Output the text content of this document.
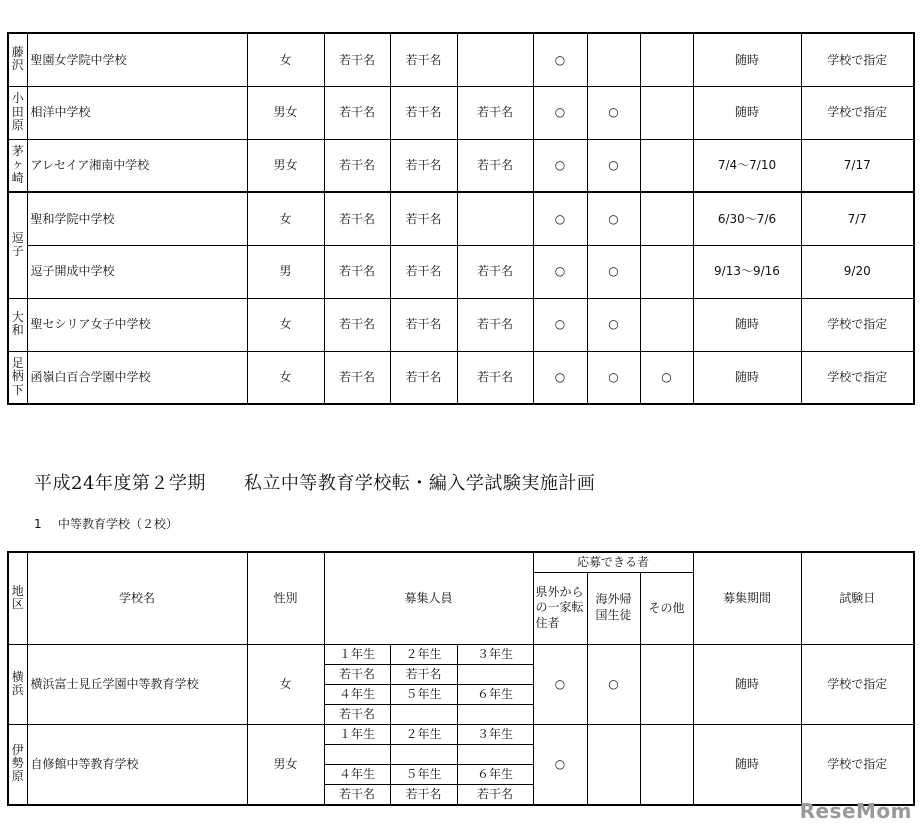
藤沢	聖園女学院中学校	女	若干名	若干名		○			随時	学校で指定
小田原	相洋中学校	男女	若干名	若干名	若干名	○	○		随時	学校で指定
茅ヶ崎	アレセイア湘南中学校	男女	若干名	若干名	若干名	○	○		7/4～7/10	7/17
逗子	聖和学院中学校	女	若干名	若干名		○	○		6/30～7/6	7/7
	逗子開成中学校	男	若干名	若干名	若干名	○	○		9/13～9/16	9/20
大和	聖セシリア女子中学校	女	若干名	若干名	若干名	○	○		随時	学校で指定
足柄下	函嶺白百合学園中学校	女	若干名	若干名	若干名	○	○	○	随時	学校で指定
平成24年度第２学期 私立中等教育学校転・編入学試験実施計画
1 中等教育学校（２校）
地区	学校名	性別	募集人員			応募できる者			募集期間	試験日
						県外からの一家転住者	海外帰国生徒	その他		
横浜	横浜富士見丘学園中等教育学校	女	１年生	２年生	３年生	○	○		随時	学校で指定
			若干名	若干名						
			４年生	５年生	６年生					
			若干名							
伊勢原	自修館中等教育学校	男女	１年生	２年生	３年生	○			随時	学校で指定

			４年生	５年生	６年生					
			若干名	若干名	若干名					
ReseMom
